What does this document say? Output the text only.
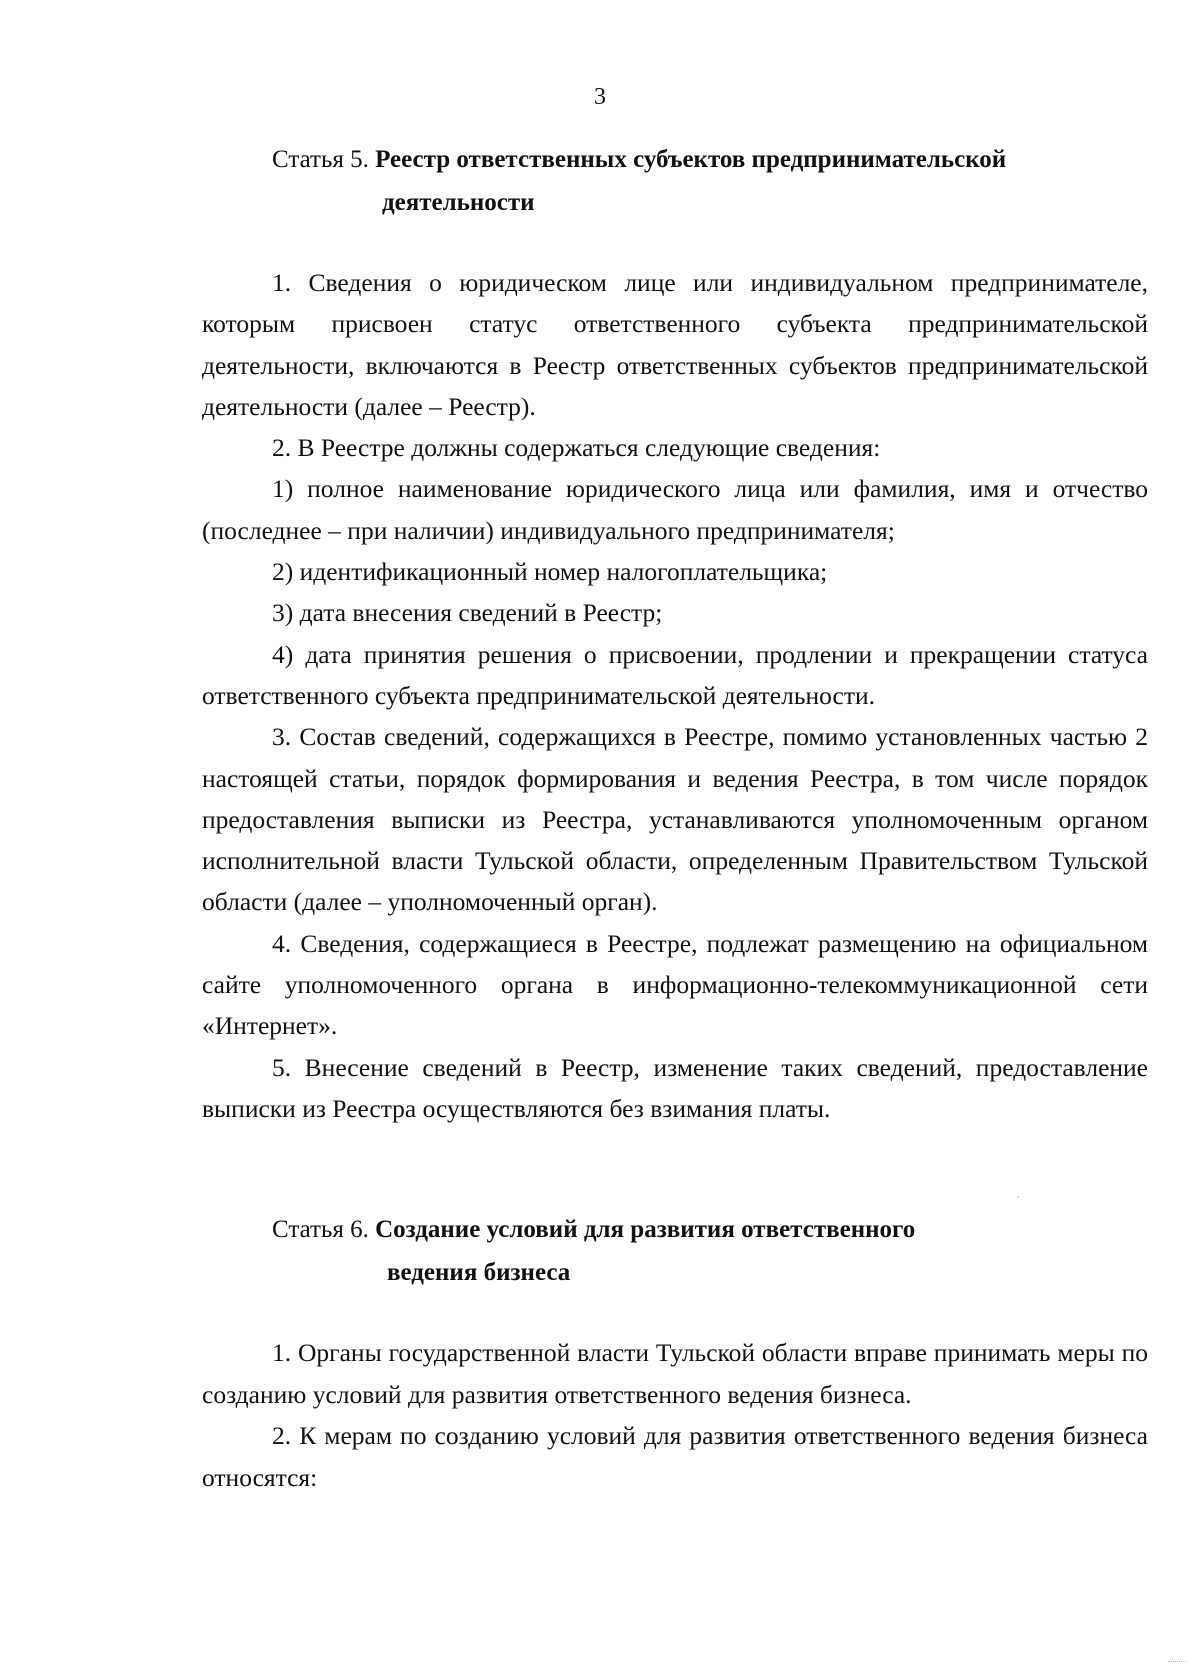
3
Статья 5. Реестр ответственных субъектов предпринимательской
деятельности

1. Сведения о юридическом лице или индивидуальном предпринимателе, которым присвоен статус ответственного субъекта предпринимательской деятельности, включаются в Реестр ответственных субъектов предпринимательской деятельности (далее – Реестр).

2. В Реестре должны содержаться следующие сведения:

1) полное наименование юридического лица или фамилия, имя и отчество (последнее – при наличии) индивидуального предпринимателя;

2) идентификационный номер налогоплательщика;

3) дата внесения сведений в Реестр;

4) дата принятия решения о присвоении, продлении и прекращении статуса ответственного субъекта предпринимательской деятельности.

3. Состав сведений, содержащихся в Реестре, помимо установленных частью 2 настоящей статьи, порядок формирования и ведения Реестра, в том числе порядок предоставления выписки из Реестра, устанавливаются уполномоченным органом исполнительной власти Тульской области, определенным Правительством Тульской области (далее – уполномоченный орган).

4. Сведения, содержащиеся в Реестре, подлежат размещению на официальном сайте уполномоченного органа в информационно-телекоммуникационной сети «Интернет».

5. Внесение сведений в Реестр, изменение таких сведений, предоставление выписки из Реестра осуществляются без взимания платы.

Статья 6. Создание условий для развития ответственного
ведения бизнеса

1. Органы государственной власти Тульской области вправе принимать меры по созданию условий для развития ответственного ведения бизнеса.

2. К мерам по созданию условий для развития ответственного ведения бизнеса относятся:
